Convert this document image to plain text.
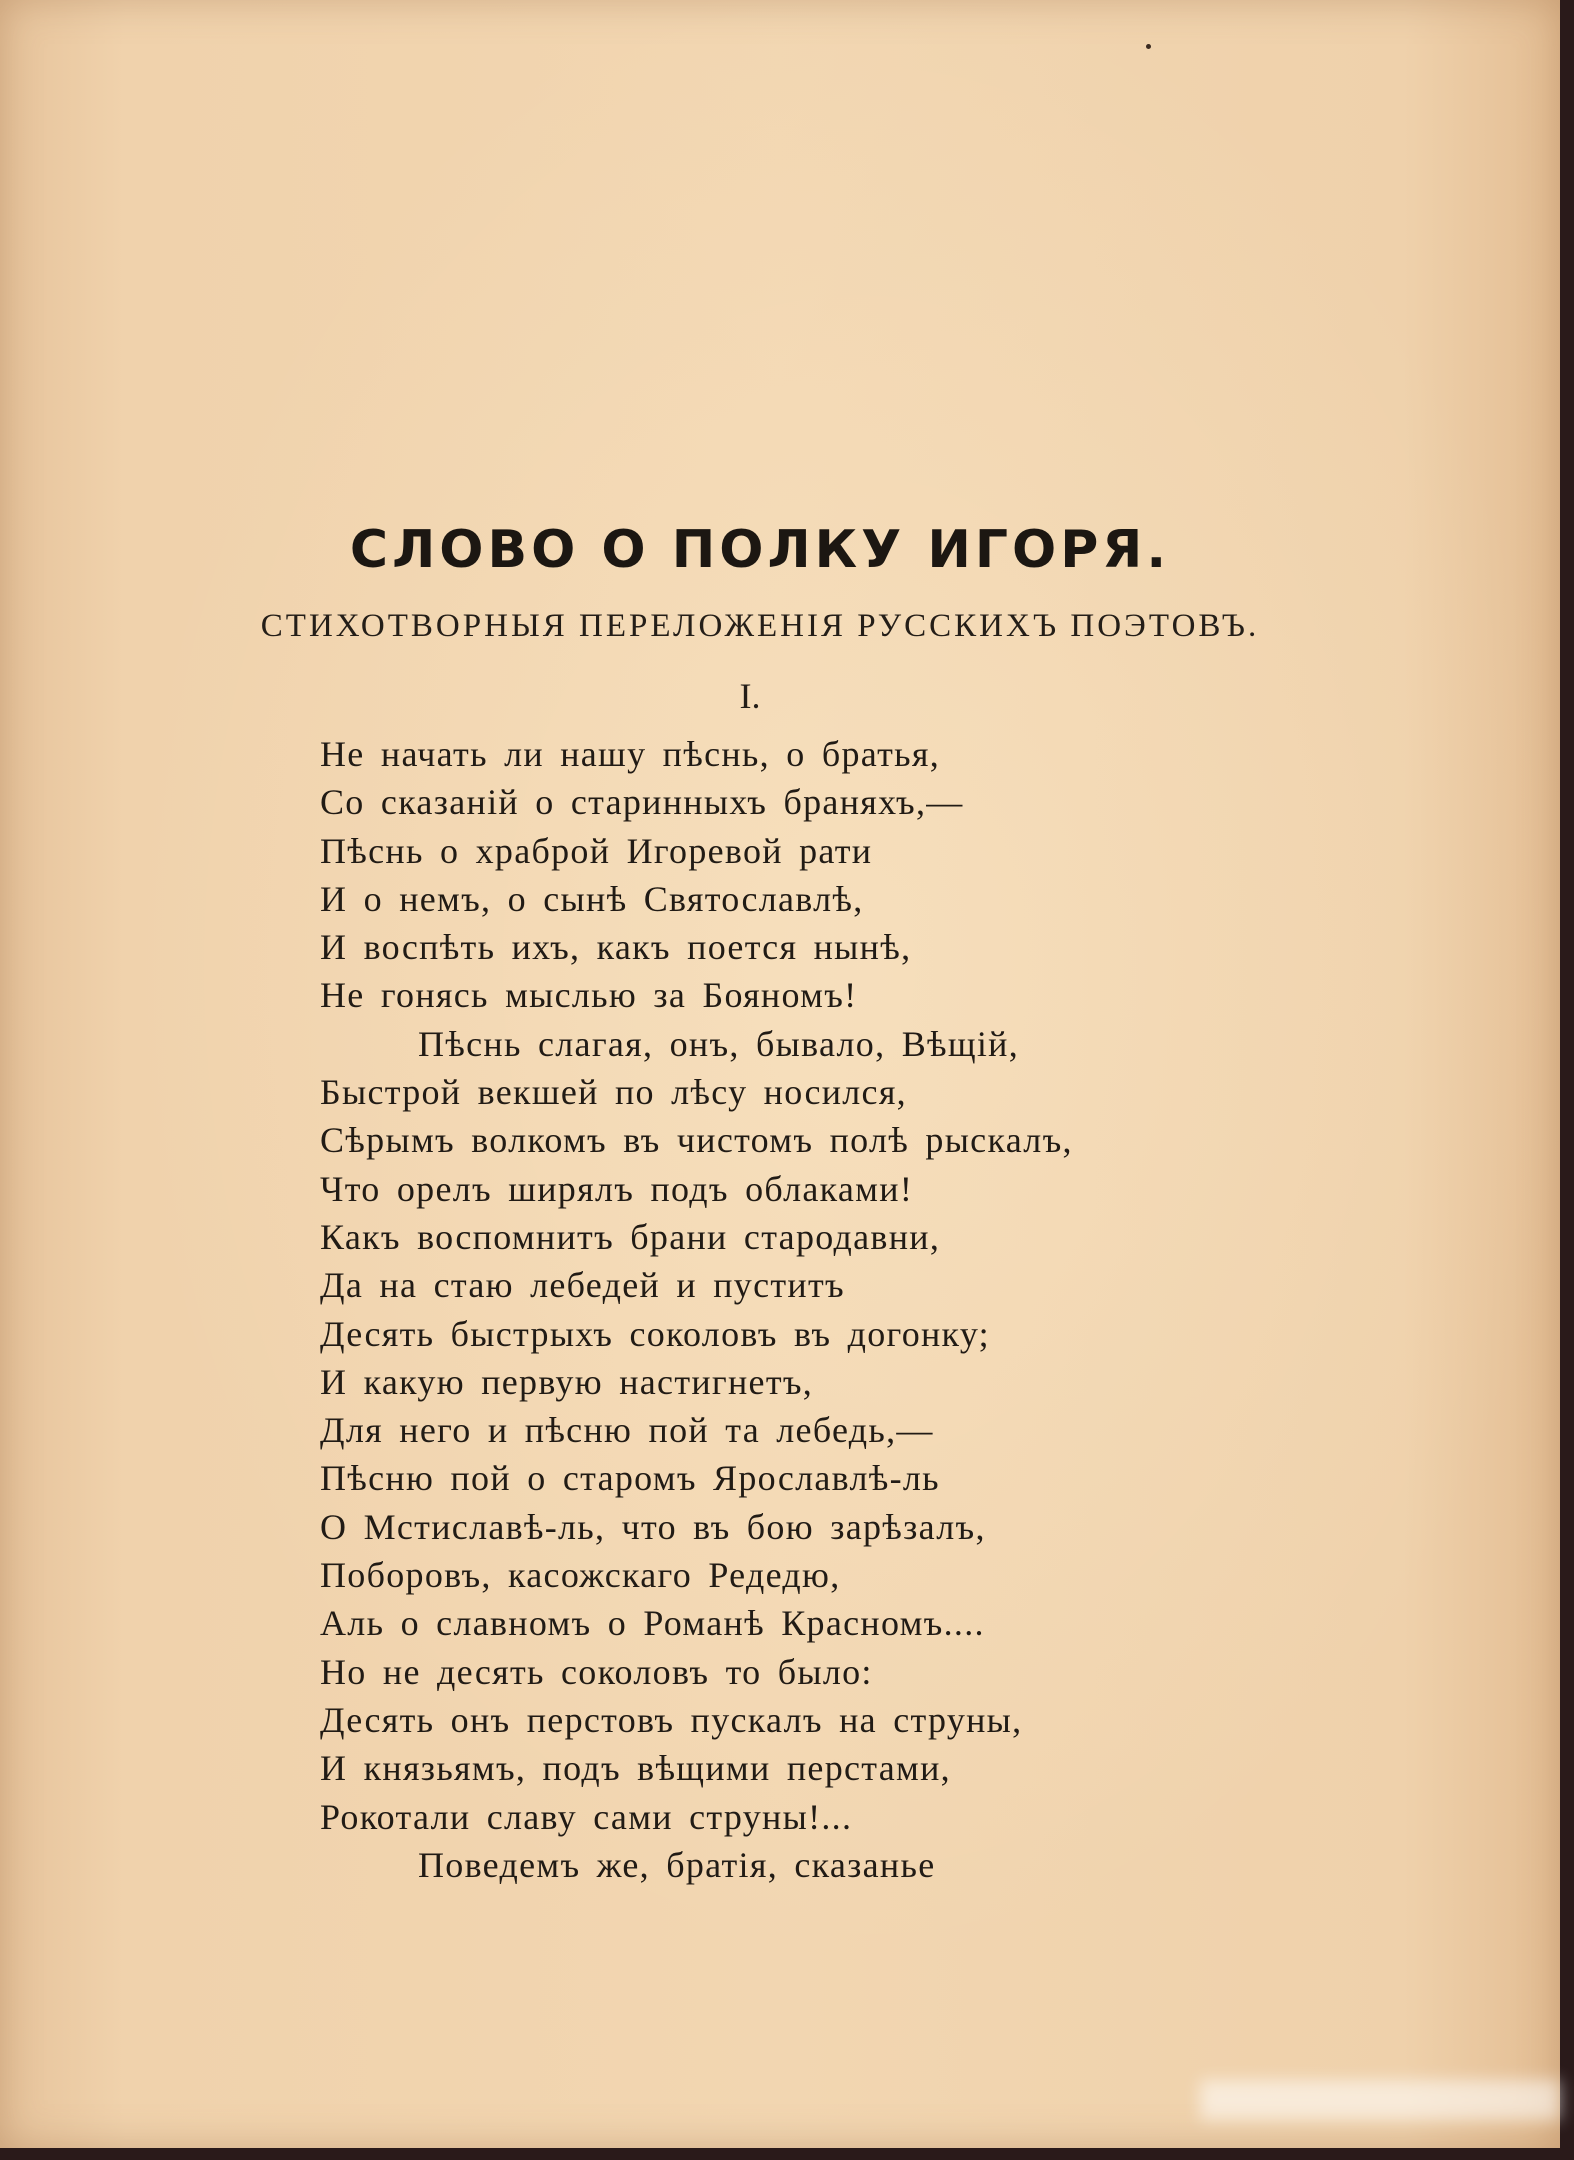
СЛОВО О ПОЛКУ ИГОРЯ.
СТИХОТВОРНЫЯ ПЕРЕЛОЖЕНІЯ РУССКИХЪ ПОЭТОВЪ.
I.
Не начать ли нашу пѣснь, о братья,
Со сказаній о старинныхъ браняхъ,—
Пѣснь о храброй Игоревой рати
И о немъ, о сынѣ Святославлѣ,
И воспѣть ихъ, какъ поется нынѣ,
Не гонясь мыслью за Бояномъ!
Пѣснь слагая, онъ, бывало, Вѣщій,
Быстрой векшей по лѣсу носился,
Сѣрымъ волкомъ въ чистомъ полѣ рыскалъ,
Что орелъ ширялъ подъ облаками!
Какъ воспомнитъ брани стародавни,
Да на стаю лебедей и пуститъ
Десять быстрыхъ соколовъ въ догонку;
И какую первую настигнетъ,
Для него и пѣсню пой та лебедь,—
Пѣсню пой о старомъ Ярославлѣ-ль
О Мстиславѣ-ль, что въ бою зарѣзалъ,
Поборовъ, касожскаго Редедю,
Аль о славномъ о Романѣ Красномъ....
Но не десять соколовъ то было:
Десять онъ перстовъ пускалъ на струны,
И князьямъ, подъ вѣщими перстами,
Рокотали славу сами струны!...
Поведемъ же, братія, сказанье
